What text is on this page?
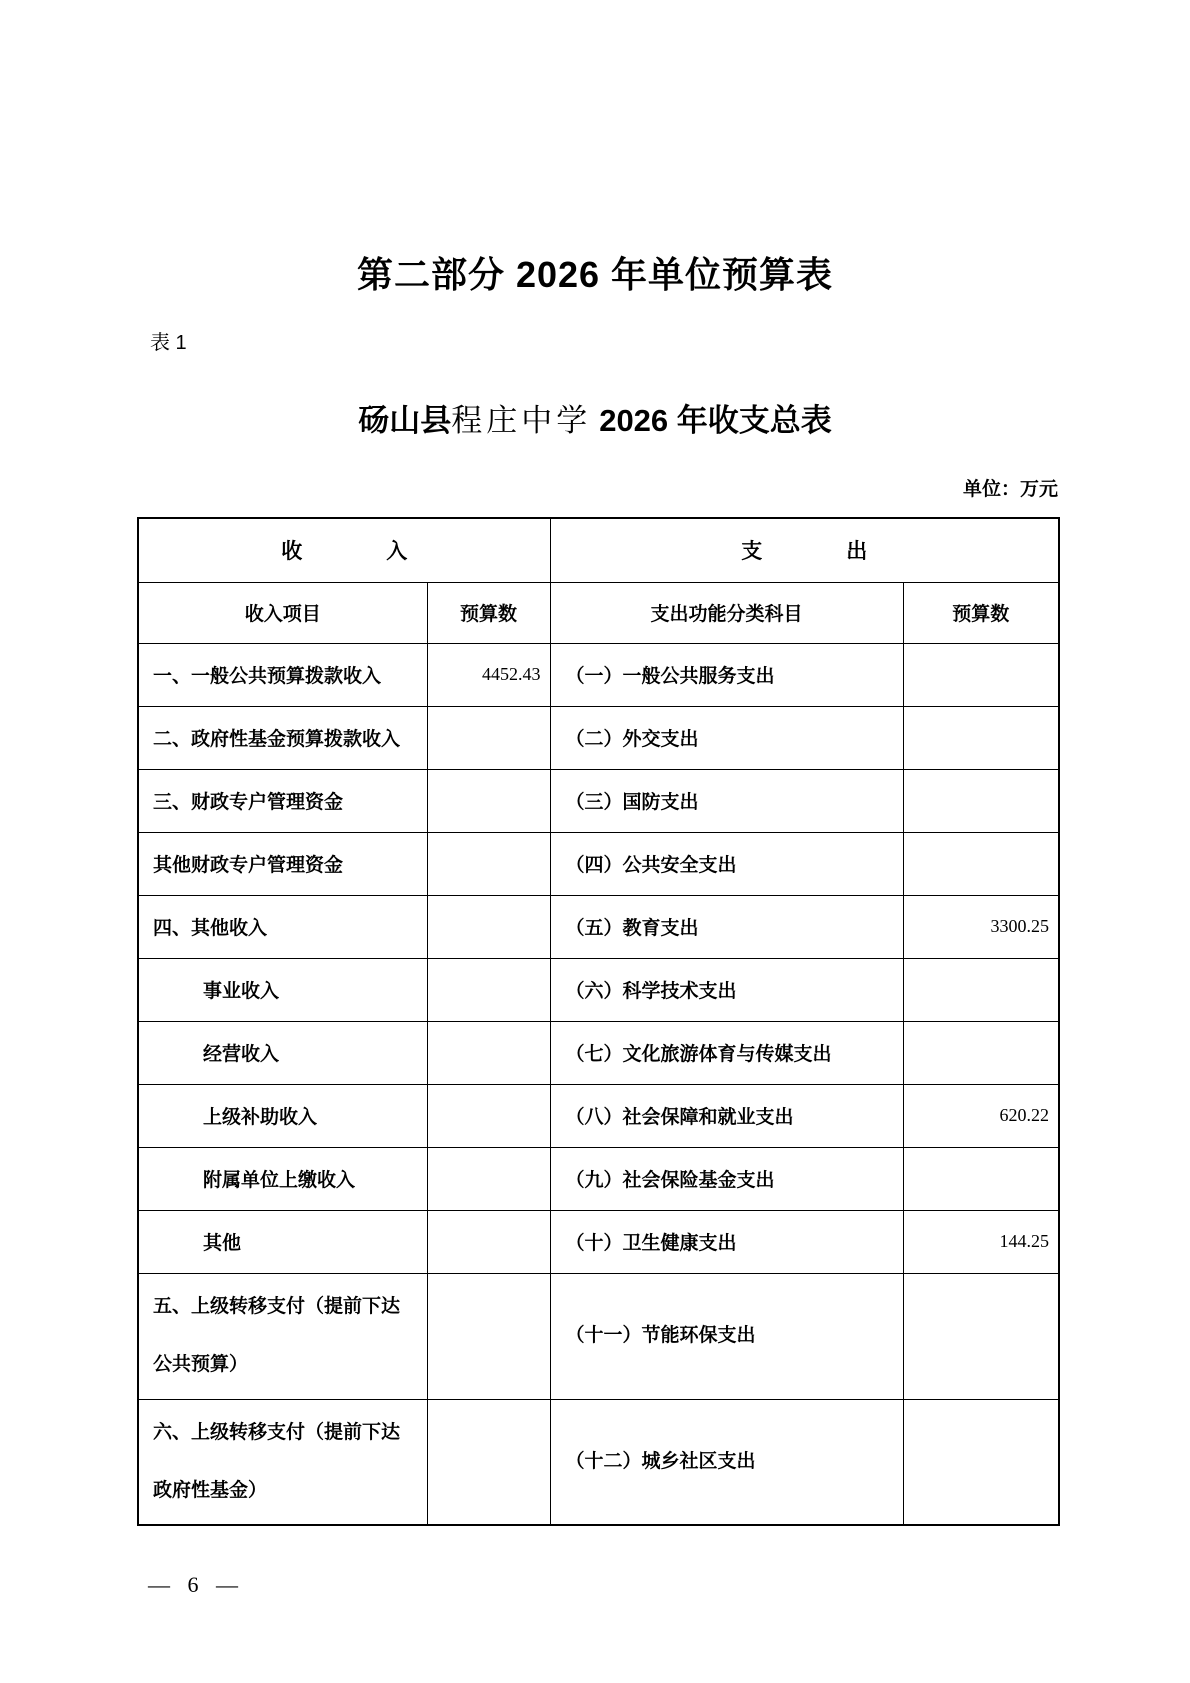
第二部分 2026 年单位预算表
表 1
砀山县程庄中学 2026 年收支总表
单位：万元
收　　　　入		支　　　　出	
收入项目	预算数	支出功能分类科目	预算数
一、一般公共预算拨款收入	4452.43	（一）一般公共服务支出	
二、政府性基金预算拨款收入		（二）外交支出	
三、财政专户管理资金		（三）国防支出	
其他财政专户管理资金		（四）公共安全支出	
四、其他收入		（五）教育支出	3300.25
事业收入		（六）科学技术支出	
经营收入		（七）文化旅游体育与传媒支出	
上级补助收入		（八）社会保障和就业支出	620.22
附属单位上缴收入		（九）社会保险基金支出	
其他		（十）卫生健康支出	144.25

五、上级转移支付（提前下达
公共预算）		（十一）节能环保支出	

六、上级转移支付（提前下达
政府性基金）		（十二）城乡社区支出	
— 6 —
